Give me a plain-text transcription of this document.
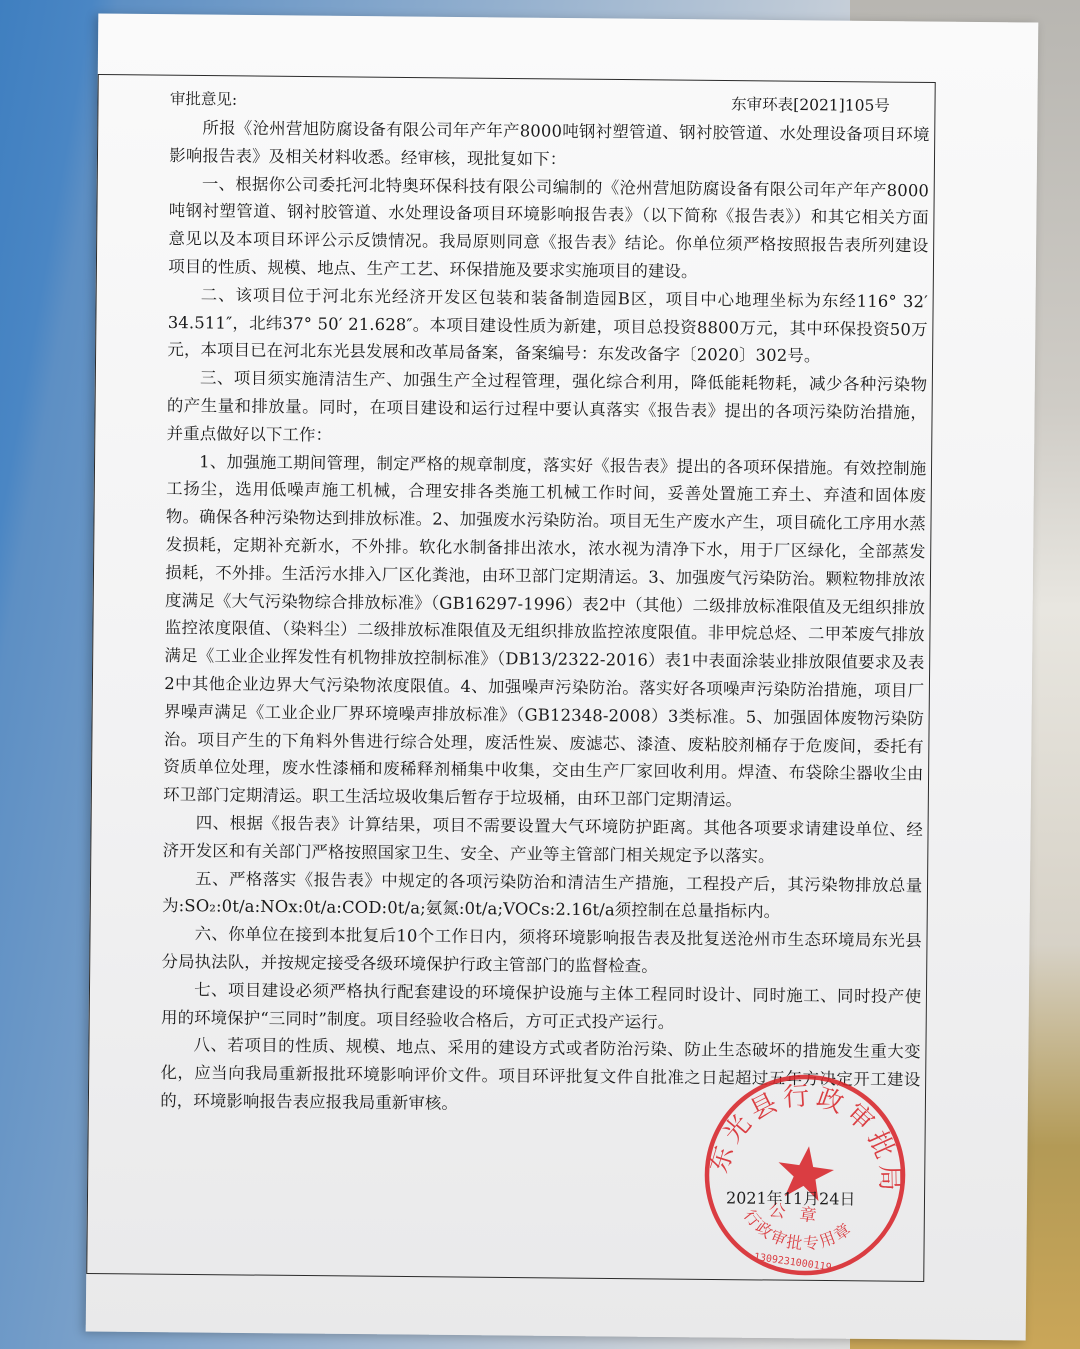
审批意见:	东审环表[2021]105号

所报《沧州营旭防腐设备有限公司年产年产8000吨钢衬塑管道、钢衬胶管道、水处理设备项目环境影响报告表》及相关材料收悉。经审核，现批复如下：

一、根据你公司委托河北特奥环保科技有限公司编制的《沧州营旭防腐设备有限公司年产年产8000吨钢衬塑管道、钢衬胶管道、水处理设备项目环境影响报告表》（以下简称《报告表》）和其它相关方面意见以及本项目环评公示反馈情况。我局原则同意《报告表》结论。你单位须严格按照报告表所列建设项目的性质、规模、地点、生产工艺、环保措施及要求实施项目的建设。

二、该项目位于河北东光经济开发区包装和装备制造园B区，项目中心地理坐标为东经116° 32′ 34.511″，北纬37° 50′ 21.628″。本项目建设性质为新建，项目总投资8800万元，其中环保投资50万元，本项目已在河北东光县发展和改革局备案，备案编号：东发改备字〔2020〕302号。

三、项目须实施清洁生产、加强生产全过程管理，强化综合利用，降低能耗物耗，减少各种污染物的产生量和排放量。同时，在项目建设和运行过程中要认真落实《报告表》提出的各项污染防治措施，并重点做好以下工作：

1、加强施工期间管理，制定严格的规章制度，落实好《报告表》提出的各项环保措施。有效控制施工扬尘，选用低噪声施工机械，合理安排各类施工机械工作时间，妥善处置施工弃土、弃渣和固体废物。确保各种污染物达到排放标准。2、加强废水污染防治。项目无生产废水产生，项目硫化工序用水蒸发损耗，定期补充新水，不外排。软化水制备排出浓水，浓水视为清净下水，用于厂区绿化，全部蒸发损耗，不外排。生活污水排入厂区化粪池，由环卫部门定期清运。3、加强废气污染防治。颗粒物排放浓度满足《大气污染物综合排放标准》（GB16297-1996）表2中（其他）二级排放标准限值及无组织排放监控浓度限值、（染料尘）二级排放标准限值及无组织排放监控浓度限值。非甲烷总烃、二甲苯废气排放满足《工业企业挥发性有机物排放控制标准》（DB13/2322-2016）表1中表面涂装业排放限值要求及表2中其他企业边界大气污染物浓度限值。4、加强噪声污染防治。落实好各项噪声污染防治措施，项目厂界噪声满足《工业企业厂界环境噪声排放标准》（GB12348-2008）3类标准。5、加强固体废物污染防治。项目产生的下角料外售进行综合处理，废活性炭、废滤芯、漆渣、废粘胶剂桶存于危废间，委托有资质单位处理，废水性漆桶和废稀释剂桶集中收集，交由生产厂家回收利用。焊渣、布袋除尘器收尘由环卫部门定期清运。职工生活垃圾收集后暂存于垃圾桶，由环卫部门定期清运。

四、根据《报告表》计算结果，项目不需要设置大气环境防护距离。其他各项要求请建设单位、经济开发区和有关部门严格按照国家卫生、安全、产业等主管部门相关规定予以落实。

五、严格落实《报告表》中规定的各项污染防治和清洁生产措施，工程投产后，其污染物排放总量为:SO₂:0t/a:NOx:0t/a:COD:0t/a;氨氮:0t/a;VOCs:2.16t/a须控制在总量指标内。

六、你单位在接到本批复后10个工作日内，须将环境影响报告表及批复送沧州市生态环境局东光县分局执法队，并按规定接受各级环境保护行政主管部门的监督检查。

七、项目建设必须严格执行配套建设的环境保护设施与主体工程同时设计、同时施工、同时投产使用的环境保护“三同时”制度。项目经验收合格后，方可正式投产运行。

八、若项目的性质、规模、地点、采用的建设方式或者防治污染、防止生态破坏的措施发生重大变化，应当向我局重新报批环境影响评价文件。项目环评批复文件自批准之日起超过五年方决定开工建设的，环境影响报告表应报我局重新审核。

东光县行政审批局
公章
行政审批专用章
1309231000119
2021年11月24日
